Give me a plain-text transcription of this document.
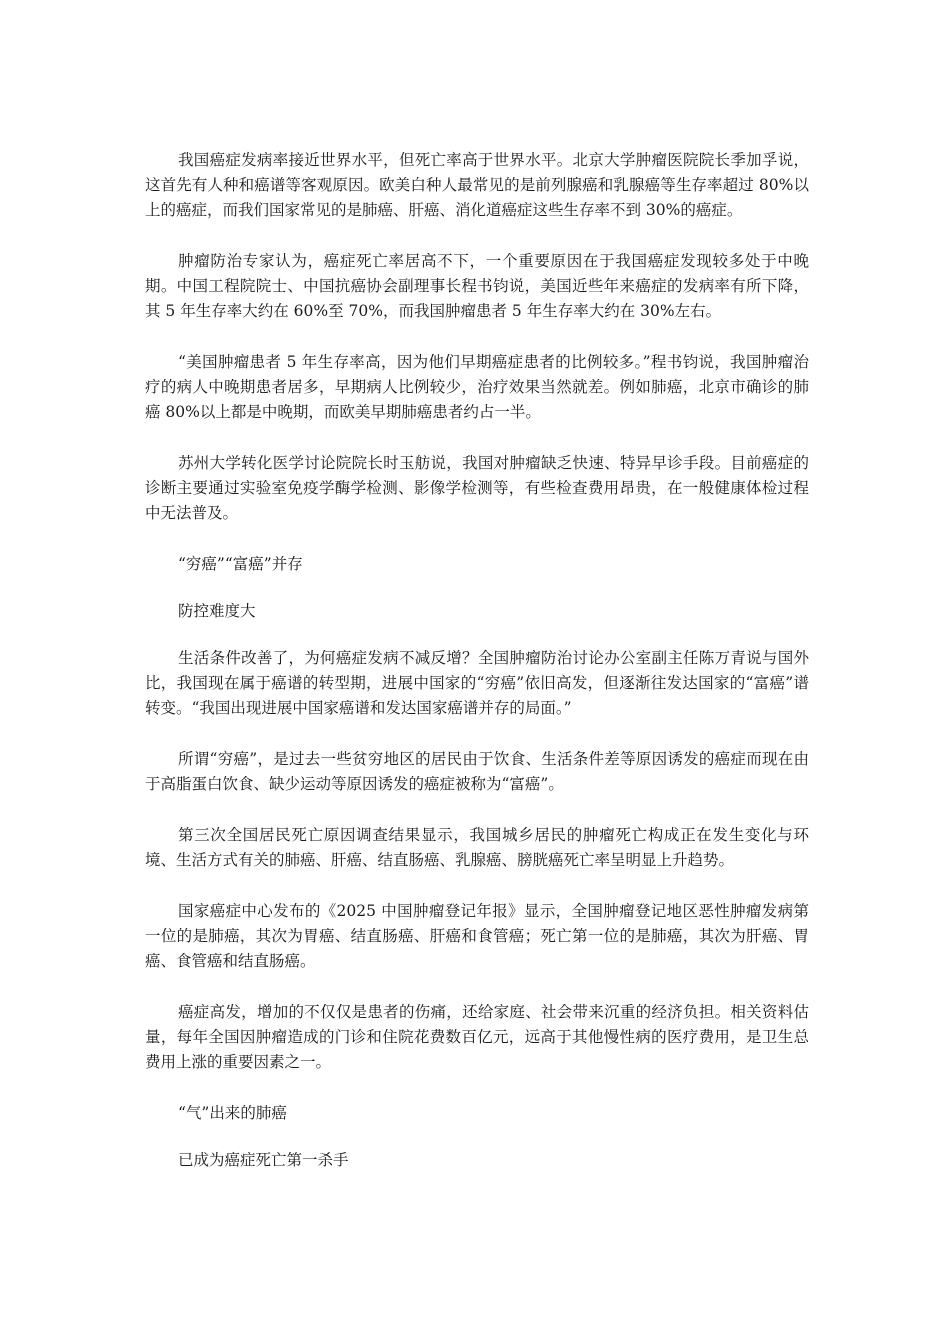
我国癌症发病率接近世界水平，但死亡率高于世界水平。北京大学肿瘤医院院长季加孚说，这首先有人种和癌谱等客观原因。欧美白种人最常见的是前列腺癌和乳腺癌等生存率超过 80%以上的癌症，而我们国家常见的是肺癌、肝癌、消化道癌症这些生存率不到 30%的癌症。

肿瘤防治专家认为，癌症死亡率居高不下，一个重要原因在于我国癌症发现较多处于中晚期。中国工程院院士、中国抗癌协会副理事长程书钧说，美国近些年来癌症的发病率有所下降，其 5 年生存率大约在 60%至 70%，而我国肿瘤患者 5 年生存率大约在 30%左右。

“美国肿瘤患者 5 年生存率高，因为他们早期癌症患者的比例较多。”程书钧说，我国肿瘤治疗的病人中晚期患者居多，早期病人比例较少，治疗效果当然就差。例如肺癌，北京市确诊的肺癌 80%以上都是中晚期，而欧美早期肺癌患者约占一半。

苏州大学转化医学讨论院院长时玉舫说，我国对肿瘤缺乏快速、特异早诊手段。目前癌症的诊断主要通过实验室免疫学酶学检测、影像学检测等，有些检查费用昂贵，在一般健康体检过程中无法普及。

“穷癌”“富癌”并存

防控难度大

生活条件改善了，为何癌症发病不减反增？全国肿瘤防治讨论办公室副主任陈万青说与国外比，我国现在属于癌谱的转型期，进展中国家的“穷癌”依旧高发，但逐渐往发达国家的“富癌”谱转变。“我国出现进展中国家癌谱和发达国家癌谱并存的局面。”

所谓“穷癌”，是过去一些贫穷地区的居民由于饮食、生活条件差等原因诱发的癌症而现在由于高脂蛋白饮食、缺少运动等原因诱发的癌症被称为“富癌”。

第三次全国居民死亡原因调查结果显示，我国城乡居民的肿瘤死亡构成正在发生变化与环境、生活方式有关的肺癌、肝癌、结直肠癌、乳腺癌、膀胱癌死亡率呈明显上升趋势。

国家癌症中心发布的《2025 中国肿瘤登记年报》显示，全国肿瘤登记地区恶性肿瘤发病第一位的是肺癌，其次为胃癌、结直肠癌、肝癌和食管癌；死亡第一位的是肺癌，其次为肝癌、胃癌、食管癌和结直肠癌。

癌症高发，增加的不仅仅是患者的伤痛，还给家庭、社会带来沉重的经济负担。相关资料估量，每年全国因肿瘤造成的门诊和住院花费数百亿元，远高于其他慢性病的医疗费用，是卫生总费用上涨的重要因素之一。

“气”出来的肺癌

已成为癌症死亡第一杀手
